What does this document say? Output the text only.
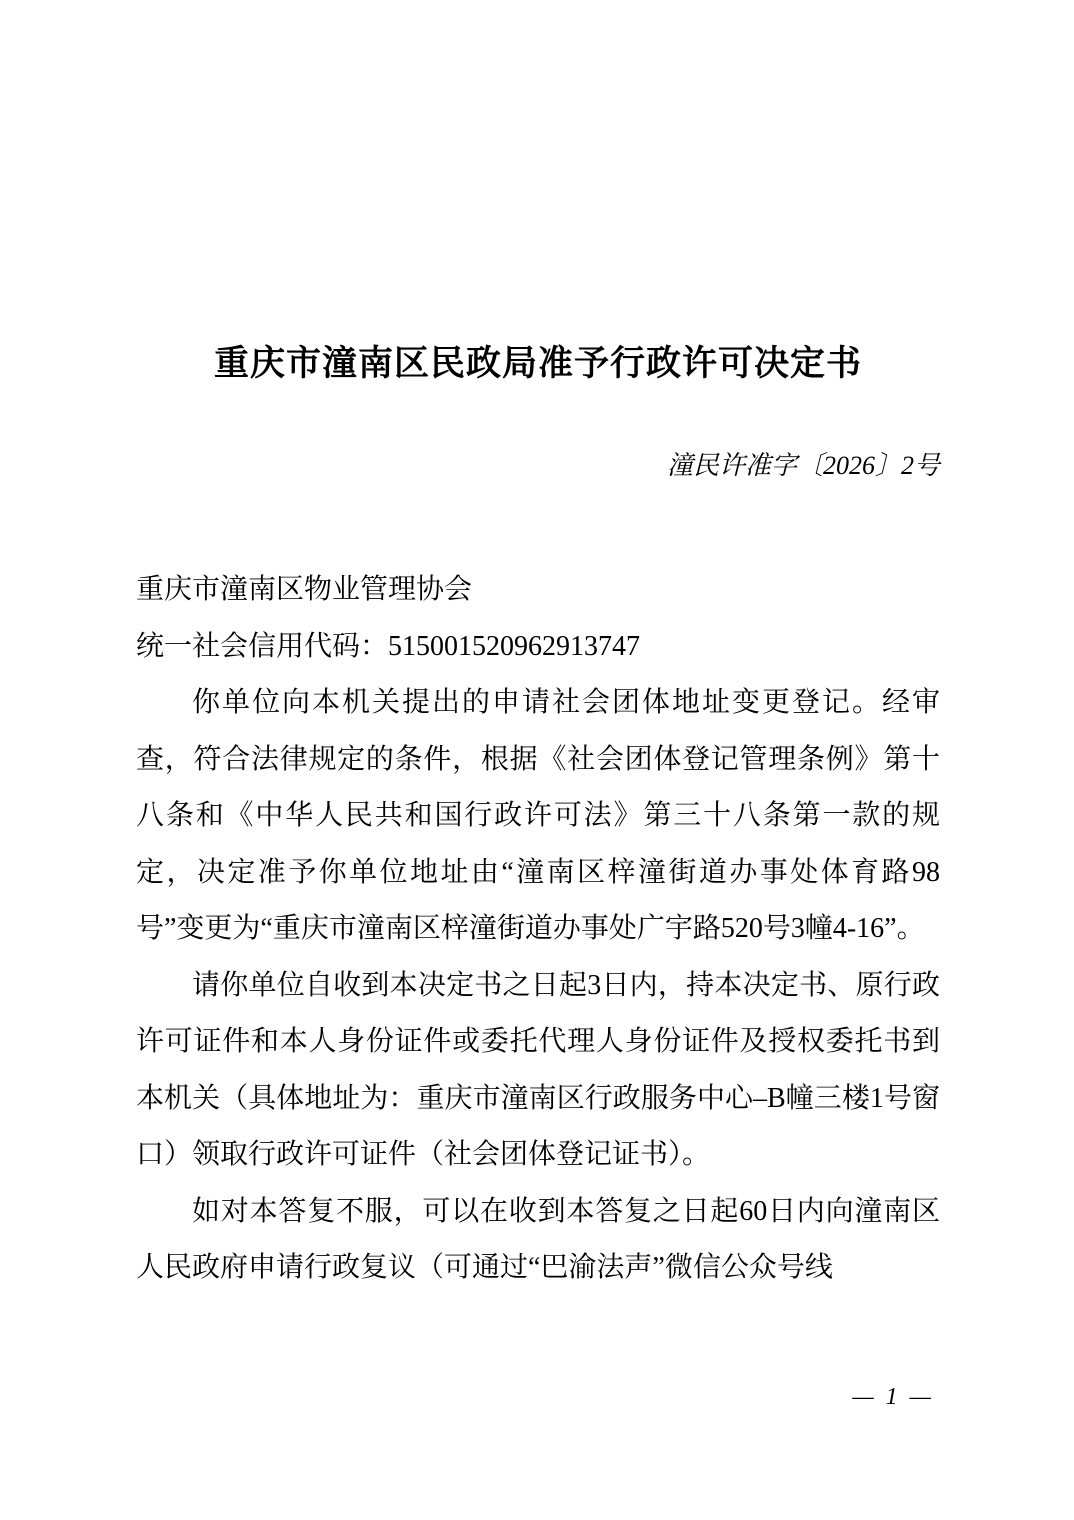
重庆市潼南区民政局准予行政许可决定书
潼民许准字〔2026〕2号

重庆市潼南区物业管理协会

统一社会信用代码：515001520962913747

你单位向本机关提出的申请社会团体地址变更登记。经审查，符合法律规定的条件，根据《社会团体登记管理条例》第十八条和《中华人民共和国行政许可法》第三十八条第一款的规定，决定准予你单位地址由“潼南区梓潼街道办事处体育路98号”变更为“重庆市潼南区梓潼街道办事处广宇路520号3幢4-16”。

请你单位自收到本决定书之日起3日内，持本决定书、原行政许可证件和本人身份证件或委托代理人身份证件及授权委托书到本机关（具体地址为：重庆市潼南区行政服务中心–B幢三楼1号窗口）领取行政许可证件（社会团体登记证书）。

如对本答复不服，可以在收到本答复之日起60日内向潼南区人民政府申请行政复议（可通过“巴渝法声”微信公众号线

— 1 —
